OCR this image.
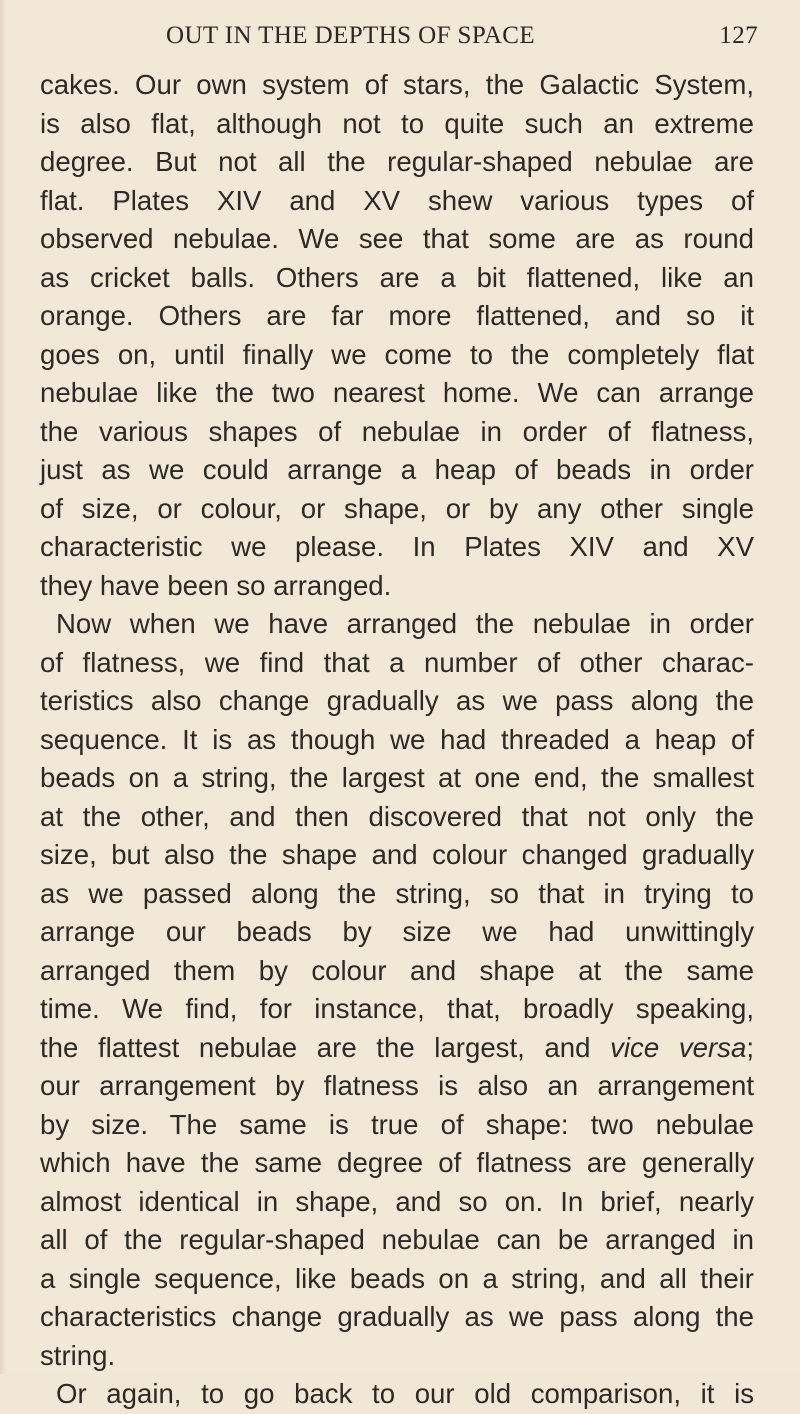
OUT IN THE DEPTHS OF SPACE	127
cakes. Our own system of stars, the Galactic System,
is also flat, although not to quite such an extreme
degree. But not all the regular-shaped nebulae are
flat. Plates XIV and XV shew various types of
observed nebulae. We see that some are as round
as cricket balls. Others are a bit flattened, like an
orange. Others are far more flattened, and so it
goes on, until finally we come to the completely flat
nebulae like the two nearest home. We can arrange
the various shapes of nebulae in order of flatness,
just as we could arrange a heap of beads in order
of size, or colour, or shape, or by any other single
characteristic we please. In Plates XIV and XV
they have been so arranged.
Now when we have arranged the nebulae in order
of flatness, we find that a number of other charac-
teristics also change gradually as we pass along the
sequence. It is as though we had threaded a heap of
beads on a string, the largest at one end, the smallest
at the other, and then discovered that not only the
size, but also the shape and colour changed gradually
as we passed along the string, so that in trying to
arrange our beads by size we had unwittingly
arranged them by colour and shape at the same
time. We find, for instance, that, broadly speaking,
the flattest nebulae are the largest, and vice versa;
our arrangement by flatness is also an arrangement
by size. The same is true of shape: two nebulae
which have the same degree of flatness are generally
almost identical in shape, and so on. In brief, nearly
all of the regular-shaped nebulae can be arranged in
a single sequence, like beads on a string, and all their
characteristics change gradually as we pass along the
string.
Or again, to go back to our old comparison, it is
